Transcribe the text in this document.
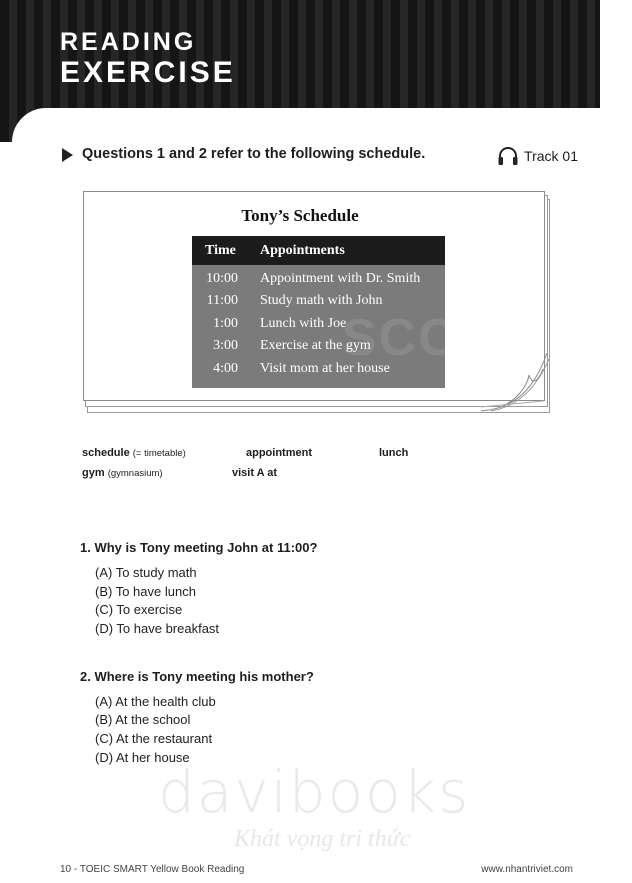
READING
EXERCISE
Questions 1 and 2 refer to the following schedule.	Track 01
Tony’s Schedule
SCC
Time Appointments
10:00 Appointment with Dr. Smith
11:00 Study math with John
1:00 Lunch with Joe
3:00 Exercise at the gym
4:00 Visit mom at her house
schedule (= timetable)	appointment	lunch
gym (gymnasium)	visit A at
1. Why is Tony meeting John at 11:00?
(A) To study math
(B) To have lunch
(C) To exercise
(D) To have breakfast
2. Where is Tony meeting his mother?
(A) At the health club
(B) At the school
(C) At the restaurant
(D) At her house
davibooks
Khát vọng tri thức
10 - TOEIC SMART Yellow Book Reading	www.nhantriviet.com
